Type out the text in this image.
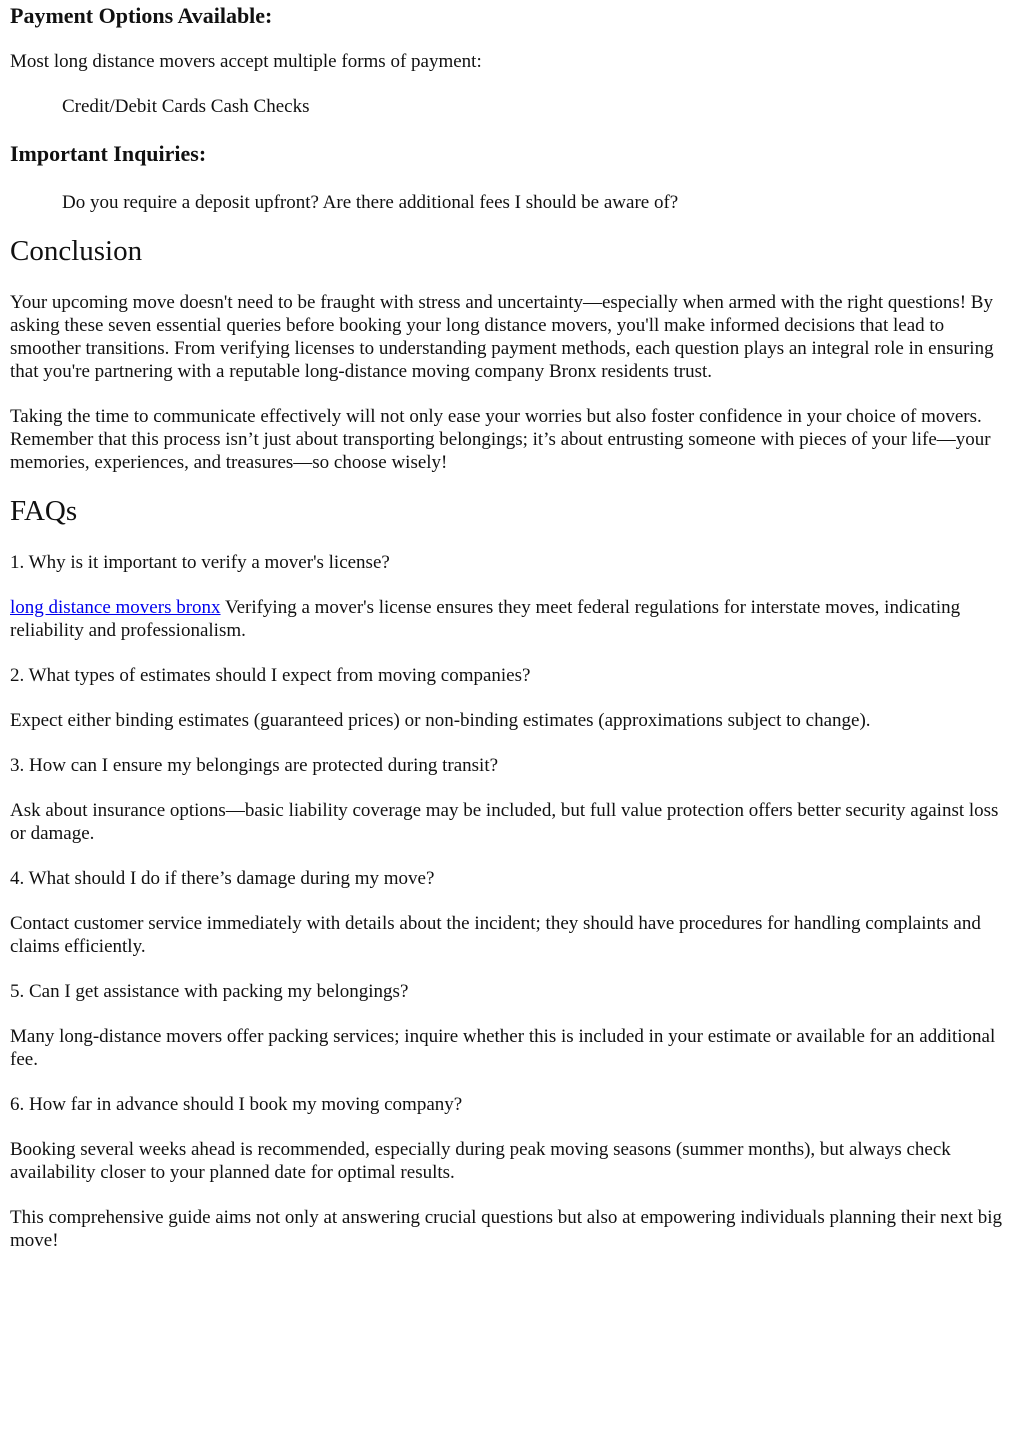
Payment Options Available:

Most long distance movers accept multiple forms of payment:

Credit/Debit Cards Cash Checks
Important Inquiries:
Do you require a deposit upfront? Are there additional fees I should be aware of?
Conclusion

Your upcoming move doesn't need to be fraught with stress and uncertainty—especially when armed with the right questions! By asking these seven essential queries before booking your long distance movers, you'll make informed decisions that lead to smoother transitions. From verifying licenses to understanding payment methods, each question plays an integral role in ensuring that you're partnering with a reputable long-distance moving company Bronx residents trust.

Taking the time to communicate effectively will not only ease your worries but also foster confidence in your choice of movers. Remember that this process isn’t just about transporting belongings; it’s about entrusting someone with pieces of your life—your memories, experiences, and treasures—so choose wisely!

FAQs

1. Why is it important to verify a mover's license?

long distance movers bronx Verifying a mover's license ensures they meet federal regulations for interstate moves, indicating reliability and professionalism.

2. What types of estimates should I expect from moving companies?

Expect either binding estimates (guaranteed prices) or non-binding estimates (approximations subject to change).

3. How can I ensure my belongings are protected during transit?

Ask about insurance options—basic liability coverage may be included, but full value protection offers better security against loss or damage.

4. What should I do if there’s damage during my move?

Contact customer service immediately with details about the incident; they should have procedures for handling complaints and claims efficiently.

5. Can I get assistance with packing my belongings?

Many long-distance movers offer packing services; inquire whether this is included in your estimate or available for an additional fee.

6. How far in advance should I book my moving company?

Booking several weeks ahead is recommended, especially during peak moving seasons (summer months), but always check availability closer to your planned date for optimal results.

This comprehensive guide aims not only at answering crucial questions but also at empowering individuals planning their next big move!
